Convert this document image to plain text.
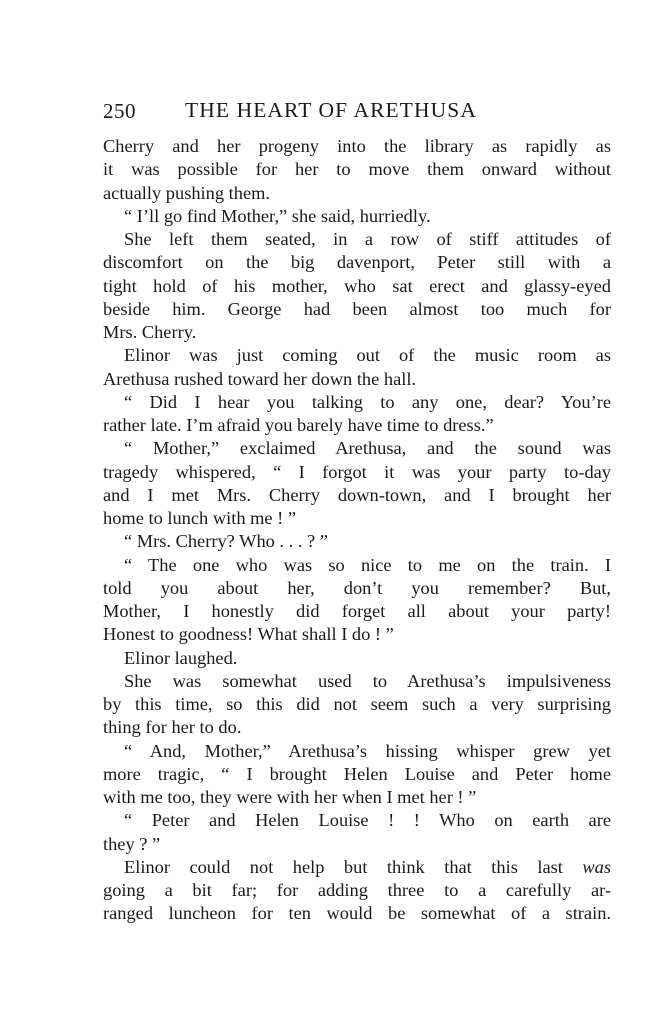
250 THE HEART OF ARETHUSA
Cherry and her progeny into the library as rapidly as
it was possible for her to move them onward without
actually pushing them.
“ I’ll go find Mother,” she said, hurriedly.
She left them seated, in a row of stiff attitudes of
discomfort on the big davenport, Peter still with a
tight hold of his mother, who sat erect and glassy-eyed
beside him. George had been almost too much for
Mrs. Cherry.
Elinor was just coming out of the music room as
Arethusa rushed toward her down the hall.
“ Did I hear you talking to any one, dear? You’re
rather late. I’m afraid you barely have time to dress.”
“ Mother,” exclaimed Arethusa, and the sound was
tragedy whispered, “ I forgot it was your party to-day
and I met Mrs. Cherry down-town, and I brought her
home to lunch with me ! ”
“ Mrs. Cherry? Who . . . ? ”
“ The one who was so nice to me on the train. I
told you about her, don’t you remember? But,
Mother, I honestly did forget all about your party!
Honest to goodness! What shall I do ! ”
Elinor laughed.
She was somewhat used to Arethusa’s impulsiveness
by this time, so this did not seem such a very surprising
thing for her to do.
“ And, Mother,” Arethusa’s hissing whisper grew yet
more tragic, “ I brought Helen Louise and Peter home
with me too, they were with her when I met her ! ”
“ Peter and Helen Louise ! ! Who on earth are
they ? ”
Elinor could not help but think that this last was
going a bit far; for adding three to a carefully ar-
ranged luncheon for ten would be somewhat of a strain.
